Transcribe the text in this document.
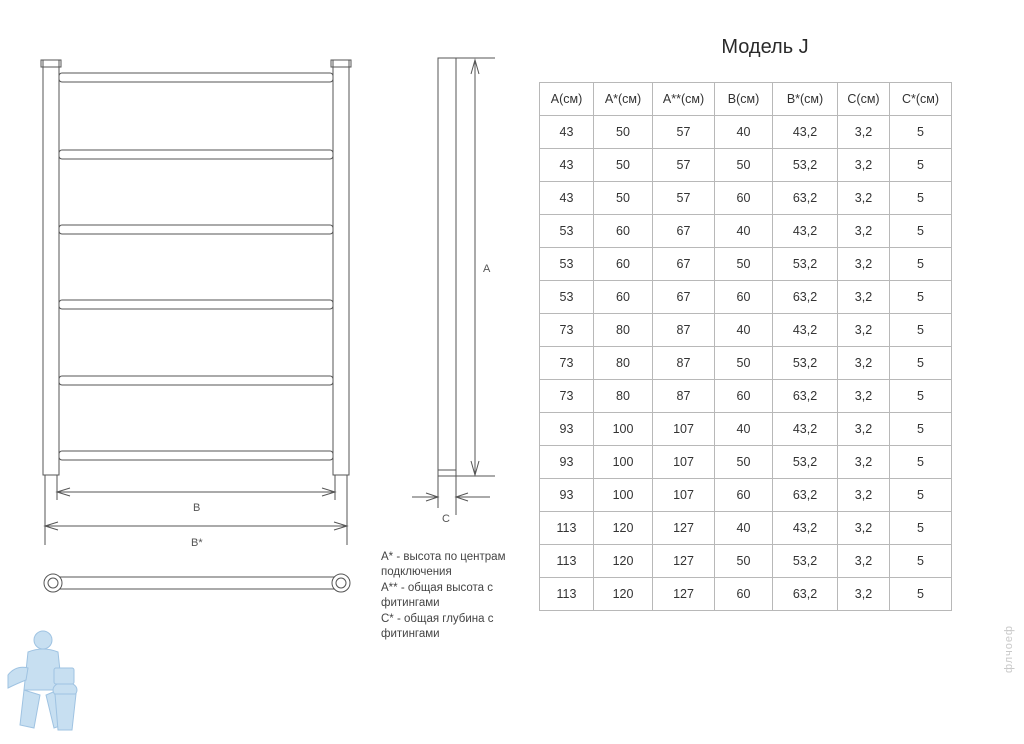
B
B*
A
C
Модель J
A(см)	A*(см)	A**(см)	B(см)	B*(см)	C(см)	C*(см)
43	50	57	40	43,2	3,2	5
43	50	57	50	53,2	3,2	5
43	50	57	60	63,2	3,2	5
53	60	67	40	43,2	3,2	5
53	60	67	50	53,2	3,2	5
53	60	67	60	63,2	3,2	5
73	80	87	40	43,2	3,2	5
73	80	87	50	53,2	3,2	5
73	80	87	60	63,2	3,2	5
93	100	107	40	43,2	3,2	5
93	100	107	50	53,2	3,2	5
93	100	107	60	63,2	3,2	5
113	120	127	40	43,2	3,2	5
113	120	127	50	53,2	3,2	5
113	120	127	60	63,2	3,2	5

A* - высота по центрам подключения

A** - общая высота с фитингами

C* - общая глубина с фитингами	флчоеф
